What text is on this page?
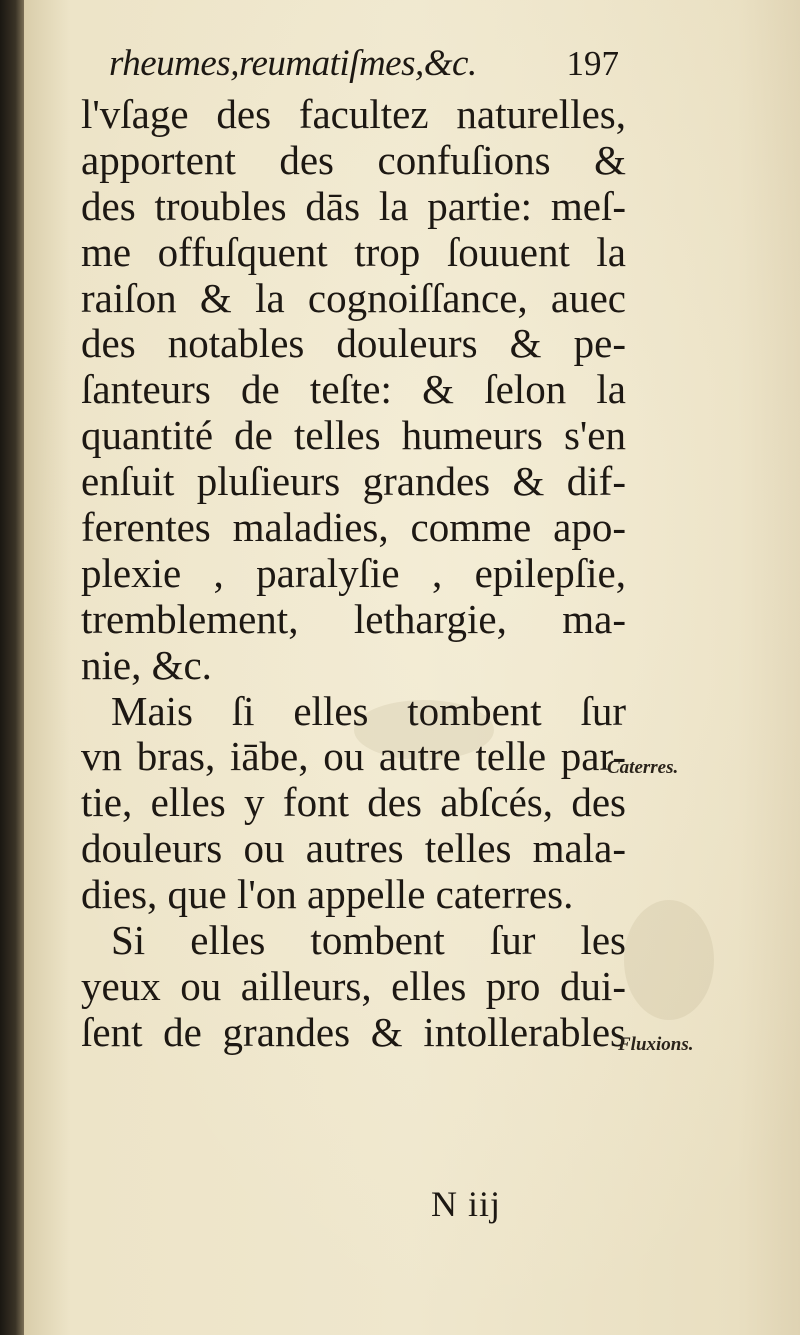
rheumes,reumatiſmes,&c.	197
l'vſage des facultez naturelles,
apportent des confuſions &
des troubles dās la partie: meſ-
me offuſquent trop ſouuent la
raiſon & la cognoiſſance, auec
des notables douleurs & pe-
ſanteurs de teſte: & ſelon la
quantité de telles humeurs s'en
enſuit pluſieurs grandes & dif-
ferentes maladies, comme apo-
plexie , paralyſie , epilepſie,
tremblement, lethargie, ma-
nie, &c.
Mais ſi elles tombent ſur
vn bras, iābe, ou autre telle par-
tie, elles y font des abſcés, des
douleurs ou autres telles mala-
dies, que l'on appelle caterres.
Si elles tombent ſur les
yeux ou ailleurs, elles pro dui-
ſent de grandes & intollerables
Caterres.
Fluxions.
N iij
